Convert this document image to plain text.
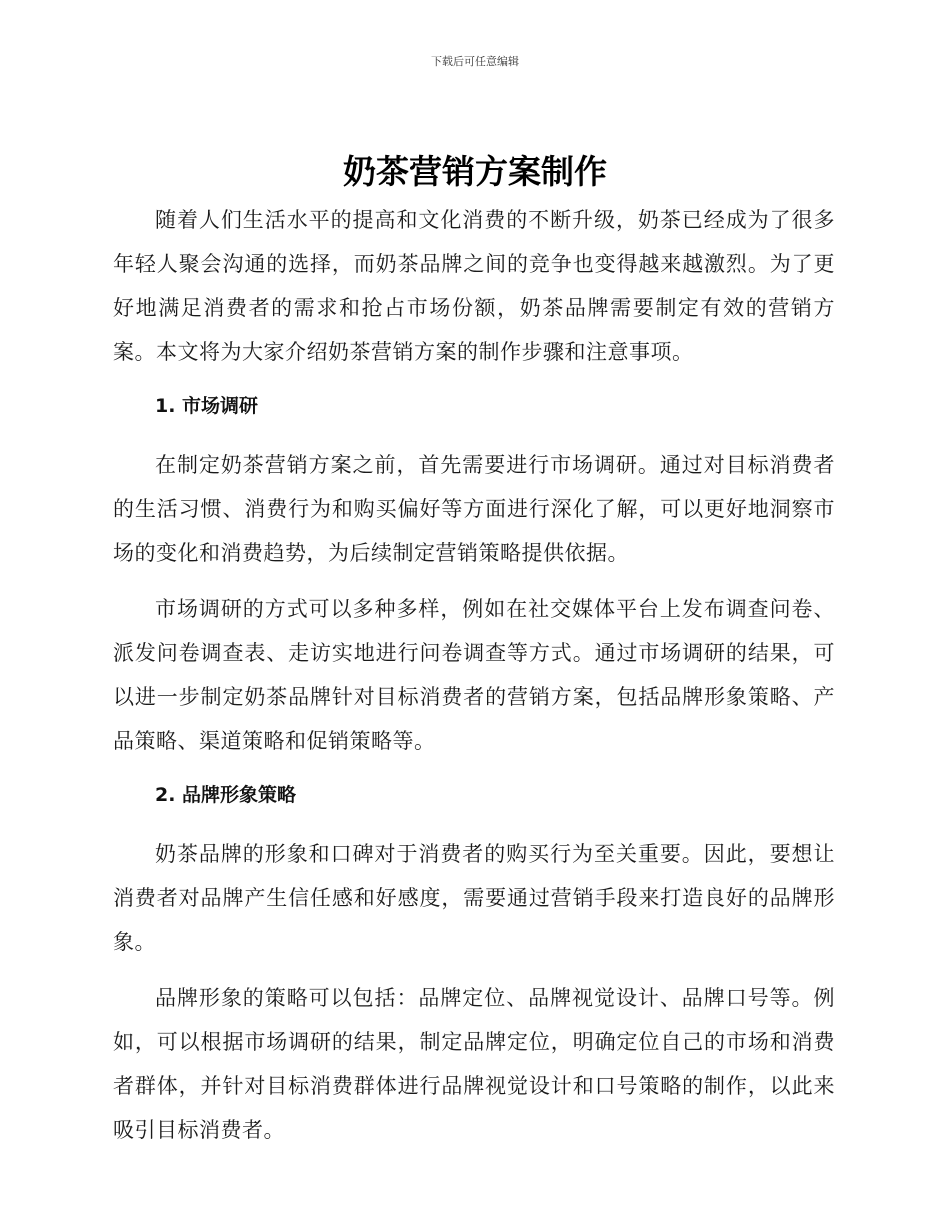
下载后可任意编辑
奶茶营销方案制作

随着人们生活水平的提高和文化消费的不断升级，奶茶已经成为了很多年轻人聚会沟通的选择，而奶茶品牌之间的竞争也变得越来越激烈。为了更好地满足消费者的需求和抢占市场份额，奶茶品牌需要制定有效的营销方案。本文将为大家介绍奶茶营销方案的制作步骤和注意事项。

1. 市场调研

在制定奶茶营销方案之前，首先需要进行市场调研。通过对目标消费者的生活习惯、消费行为和购买偏好等方面进行深化了解，可以更好地洞察市场的变化和消费趋势，为后续制定营销策略提供依据。

市场调研的方式可以多种多样，例如在社交媒体平台上发布调查问卷、派发问卷调查表、走访实地进行问卷调查等方式。通过市场调研的结果，可以进一步制定奶茶品牌针对目标消费者的营销方案，包括品牌形象策略、产品策略、渠道策略和促销策略等。

2. 品牌形象策略

奶茶品牌的形象和口碑对于消费者的购买行为至关重要。因此，要想让消费者对品牌产生信任感和好感度，需要通过营销手段来打造良好的品牌形象。

品牌形象的策略可以包括：品牌定位、品牌视觉设计、品牌口号等。例如，可以根据市场调研的结果，制定品牌定位，明确定位自己的市场和消费者群体，并针对目标消费群体进行品牌视觉设计和口号策略的制作，以此来吸引目标消费者。
